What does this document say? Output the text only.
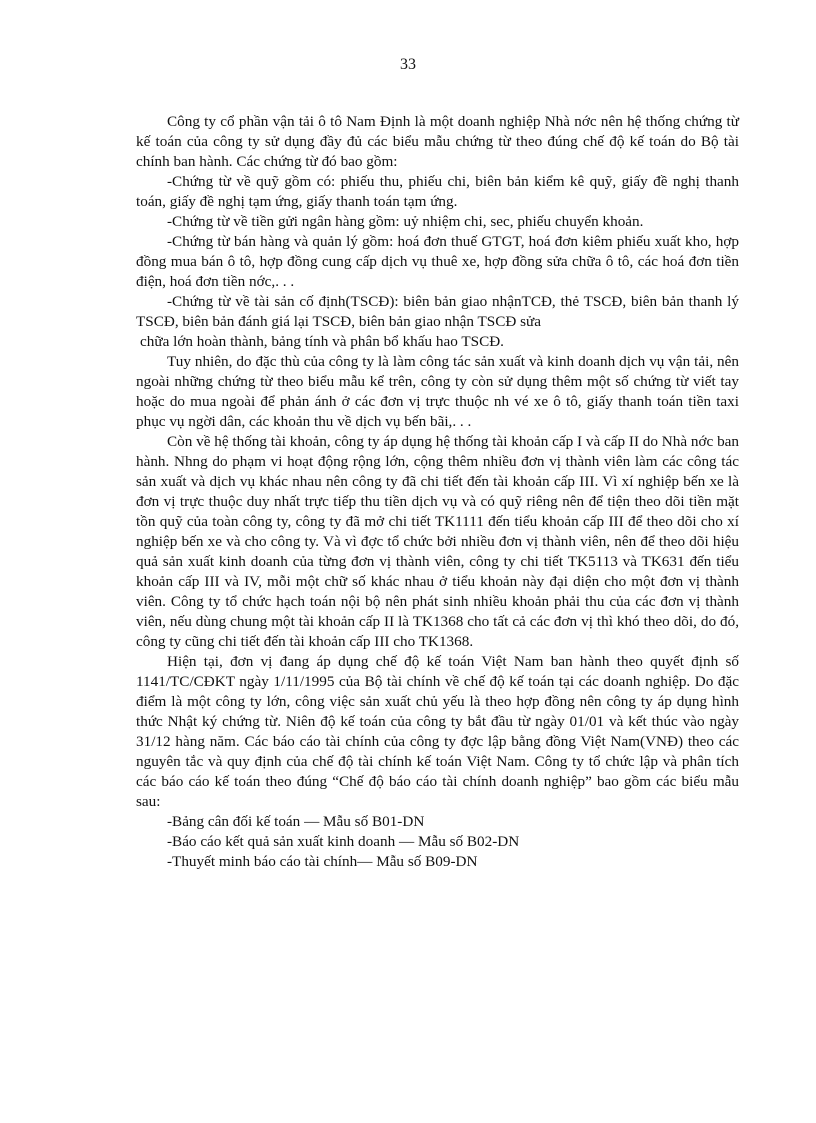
33

Công ty cổ phần vận tải ô tô Nam Định là một doanh nghiệp Nhà nớc nên hệ thống chứng từ kế toán của công ty sử dụng đầy đủ các biểu mẫu chứng từ theo đúng chế độ kế toán do Bộ tài chính ban hành. Các chứng từ đó bao gồm:

-Chứng từ về quỹ gồm có: phiếu thu, phiếu chi, biên bản kiểm kê quỹ, giấy đề nghị thanh toán, giấy đề nghị tạm ứng, giấy thanh toán tạm ứng.

-Chứng từ về tiền gửi ngân hàng gồm: uỷ nhiệm chi, sec, phiếu chuyển khoản.

-Chứng từ bán hàng và quản lý gồm: hoá đơn thuế GTGT, hoá đơn kiêm phiếu xuất kho, hợp đồng mua bán ô tô, hợp đồng cung cấp dịch vụ thuê xe, hợp đồng sửa chữa ô tô, các hoá đơn tiền điện, hoá đơn tiền nớc,. . .

-Chứng từ về tài sản cố định(TSCĐ): biên bản giao nhậnTCĐ, thẻ TSCĐ, biên bản thanh lý TSCĐ, biên bản đánh giá lại TSCĐ, biên bản giao nhận TSCĐ sửa

chữa lớn hoàn thành, bảng tính và phân bổ khấu hao TSCĐ.

Tuy nhiên, do đặc thù của công ty là làm công tác sản xuất và kinh doanh dịch vụ vận tải, nên ngoài những chứng từ theo biểu mẫu kể trên, công ty còn sử dụng thêm một số chứng từ viết tay hoặc do mua ngoài để phản ánh ở các đơn vị trực thuộc nh vé xe ô tô, giấy thanh toán tiền taxi phục vụ ngời dân, các khoản thu về dịch vụ bến bãi,. . .

Còn về hệ thống tài khoản, công ty áp dụng hệ thống tài khoản cấp I và cấp II do Nhà nớc ban hành. Nhng do phạm vi hoạt động rộng lớn, cộng thêm nhiều đơn vị thành viên làm các công tác sản xuất và dịch vụ khác nhau nên công ty đã chi tiết đến tài khoản cấp III. Vì xí nghiệp bến xe là đơn vị trực thuộc duy nhất trực tiếp thu tiền dịch vụ và có quỹ riêng nên để tiện theo dõi tiền mặt tồn quỹ của toàn công ty, công ty đã mở chi tiết TK1111 đến tiểu khoản cấp III để theo dõi cho xí nghiệp bến xe và cho công ty. Và vì đợc tổ chức bởi nhiều đơn vị thành viên, nên để theo dõi hiệu quả sản xuất kinh doanh của từng đơn vị thành viên, công ty chi tiết TK5113 và TK631 đến tiểu khoản cấp III và IV, mỗi một chữ số khác nhau ở tiểu khoản này đại diện cho một đơn vị thành viên. Công ty tổ chức hạch toán nội bộ nên phát sinh nhiều khoản phải thu của các đơn vị thành viên, nếu dùng chung một tài khoản cấp II là TK1368 cho tất cả các đơn vị thì khó theo dõi, do đó, công ty cũng chi tiết đến tài khoản cấp III cho TK1368.

Hiện tại, đơn vị đang áp dụng chế độ kế toán Việt Nam ban hành theo quyết định số 1141/TC/CĐKT ngày 1/11/1995 của Bộ tài chính về chế độ kế toán tại các doanh nghiệp. Do đặc điểm là một công ty lớn, công việc sản xuất chủ yếu là theo hợp đồng nên công ty áp dụng hình thức Nhật ký chứng từ. Niên độ kế toán của công ty bắt đầu từ ngày 01/01 và kết thúc vào ngày 31/12 hàng năm. Các báo cáo tài chính của công ty đợc lập bằng đồng Việt Nam(VNĐ) theo các nguyên tắc và quy định của chế độ tài chính kế toán Việt Nam. Công ty tổ chức lập và phân tích các báo cáo kế toán theo đúng “Chế độ báo cáo tài chính doanh nghiệp” bao gồm các biểu mẫu sau:

-Bảng cân đối kế toán — Mẫu số B01-DN

-Báo cáo kết quả sản xuất kinh doanh — Mẫu số B02-DN

-Thuyết minh báo cáo tài chính— Mẫu số B09-DN
